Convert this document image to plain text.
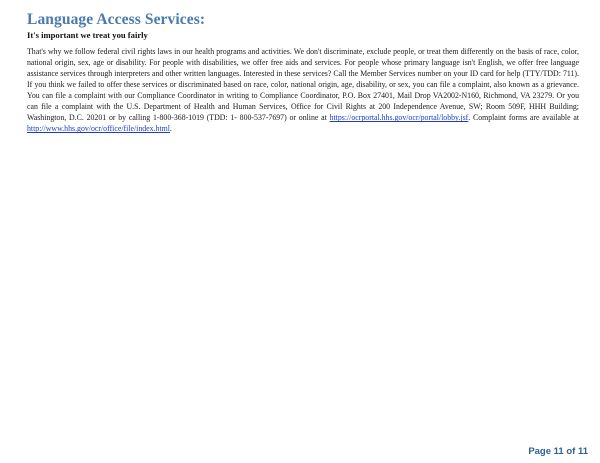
Language Access Services:
It's important we treat you fairly

That's why we follow federal civil rights laws in our health programs and activities. We don't discriminate, exclude people, or treat them differently on the basis of race, color, national origin, sex, age or disability. For people with disabilities, we offer free aids and services. For people whose primary language isn't English, we offer free language assistance services through interpreters and other written languages. Interested in these services? Call the Member Services number on your ID card for help (TTY/TDD: 711). If you think we failed to offer these services or discriminated based on race, color, national origin, age, disability, or sex, you can file a complaint, also known as a grievance. You can file a complaint with our Compliance Coordinator in writing to Compliance Coordinator, P.O. Box 27401, Mail Drop VA2002-N160, Richmond, VA 23279. Or you can file a complaint with the U.S. Department of Health and Human Services, Office for Civil Rights at 200 Independence Avenue, SW; Room 509F, HHH Building; Washington, D.C. 20201 or by calling 1-800-368-1019 (TDD: 1- 800-537-7697) or online at https://ocrportal.hhs.gov/ocr/portal/lobby.jsf. Complaint forms are available at http://www.hhs.gov/ocr/office/file/index.html.

Page 11 of 11
